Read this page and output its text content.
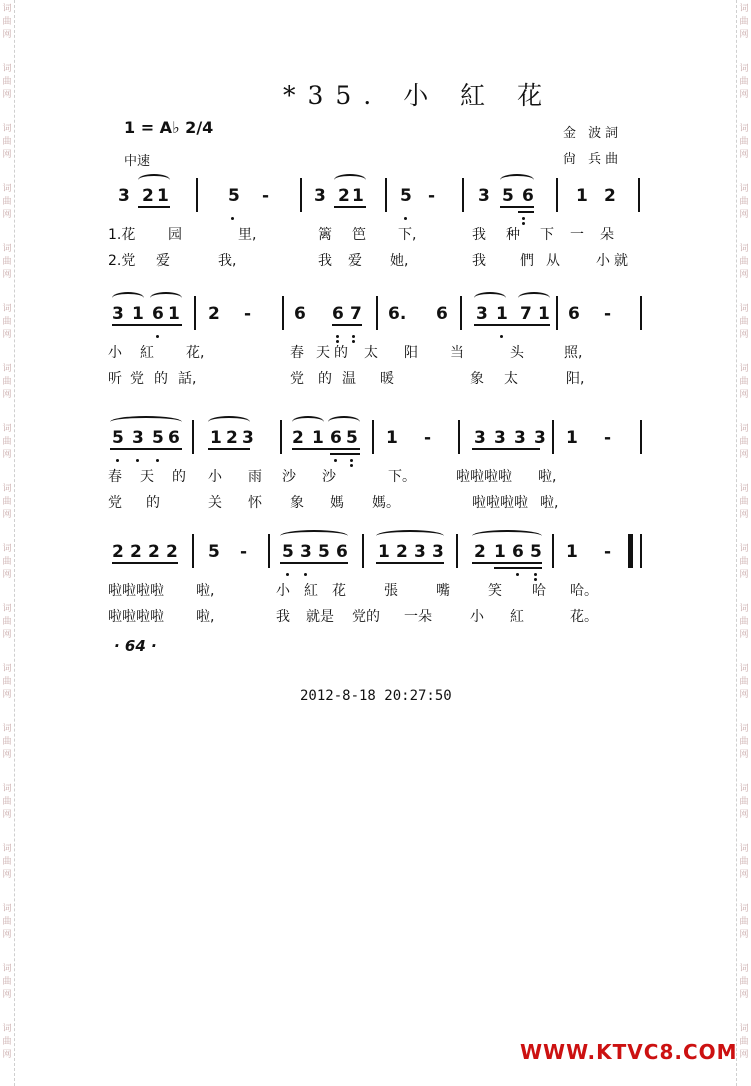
词
曲
网
词
曲
网
词
曲
网
词
曲
网
词
曲
网
词
曲
网
词
曲
网
词
曲
网
词
曲
网
词
曲
网
词
曲
网
词
曲
网
词
曲
网
词
曲
网
词
曲
网
词
曲
网
词
曲
网
词
曲
网
词
曲
网
词
曲
网
词
曲
网
词
曲
网
词
曲
网
词
曲
网
词
曲
网
词
曲
网
词
曲
网
词
曲
网
词
曲
网
词
曲
网
词
曲
网
词
曲
网
词
曲
网
词
曲
网
词
曲
网
词
曲
网
*35. 小 紅 花
1 = A♭ 2/4
中速
金 波詞
尙 兵曲
3 2 1	5 -	3 2 1 5 -	3 5 6 1 2
1.花 园	里,	篱 笆 下,	我 种 下 一 朵
2.党 爱	我,	我 爱 她,	我 們 从	小 就
3 1 6 1 2 -	6 6 7 6. 6 3 1 7 1 6 -
小 紅 花,	春 天 的 太 阳 当	头	照,
听 党 的 話,	党 的 温 暖	象 太	阳,
5 3 5 6 1 2 3 2 1 6 5 1 -	3 3 3 3 1 -
春 天 的 小 雨 沙 沙	下。	啦啦啦啦 啦,
党 的	关 怀 象 媽 媽。	啦啦啦啦 啦,
2 2 2 2 5 - 5 3 5 6 1 2 3 3 2 1 6 5 1 -
啦啦啦啦 啦,	小 紅 花	張	嘴	笑 哈 哈。
啦啦啦啦 啦,	我 就是 党的 一朵	小 紅	花。
· 64 ·
2012-8-18 20:27:50
WWW.KTVC8.COM
